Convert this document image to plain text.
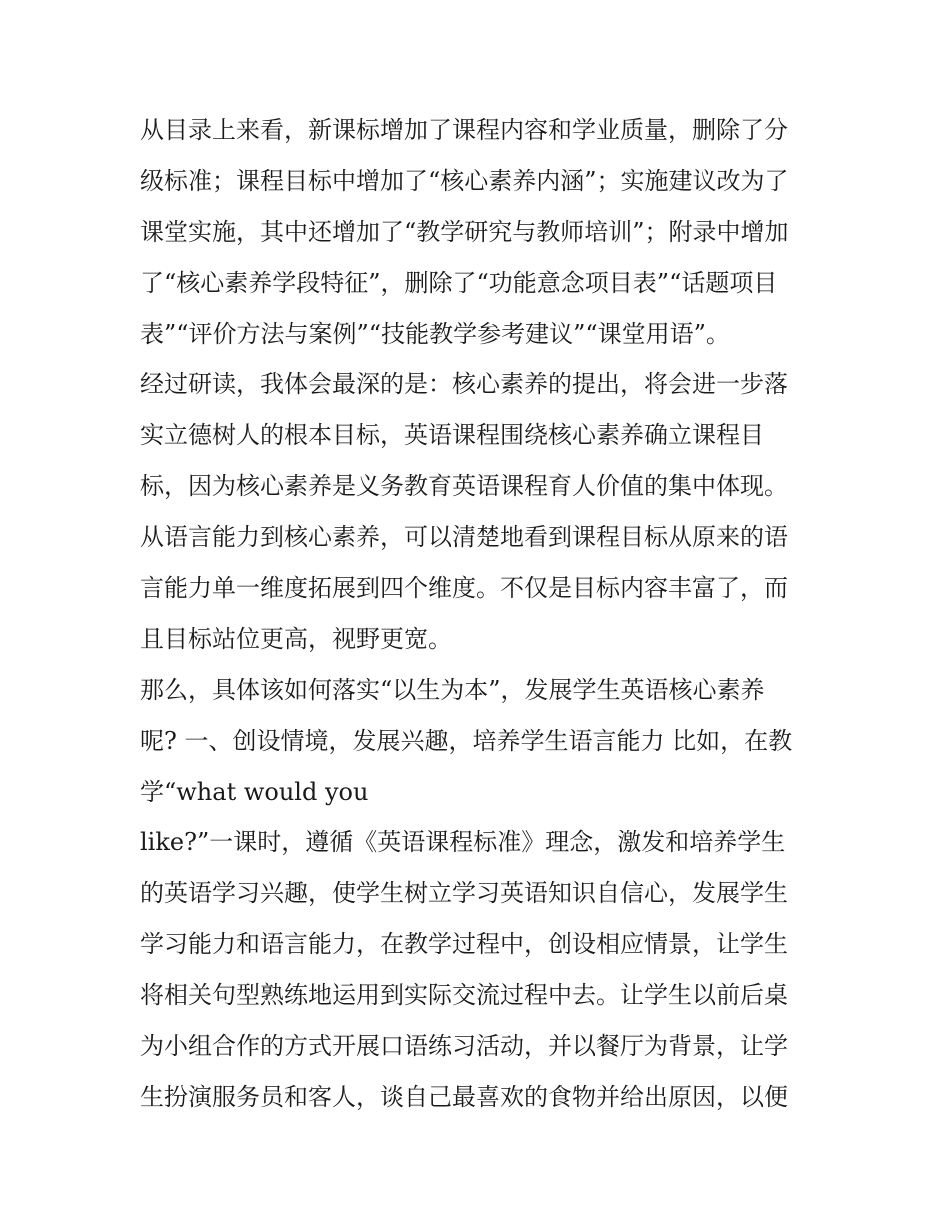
从目录上来看，新课标增加了课程内容和学业质量，删除了分
级标准；课程目标中增加了“核心素养内涵”；实施建议改为了
课堂实施，其中还增加了“教学研究与教师培训”；附录中增加
了“核心素养学段特征”，删除了“功能意念项目表”“话题项目
表”“评价方法与案例”“技能教学参考建议”“课堂用语”。
经过研读，我体会最深的是：核心素养的提出，将会进一步落
实立德树人的根本目标，英语课程围绕核心素养确立课程目
标，因为核心素养是义务教育英语课程育人价值的集中体现。
从语言能力到核心素养，可以清楚地看到课程目标从原来的语
言能力单一维度拓展到四个维度。不仅是目标内容丰富了，而
且目标站位更高，视野更宽。
那么，具体该如何落实“以生为本”，发展学生英语核心素养
呢? 一、创设情境，发展兴趣，培养学生语言能力 比如，在教
学“what would you
like?”一课时，遵循《英语课程标准》理念，激发和培养学生
的英语学习兴趣，使学生树立学习英语知识自信心，发展学生
学习能力和语言能力，在教学过程中，创设相应情景，让学生
将相关句型熟练地运用到实际交流过程中去。让学生以前后桌
为小组合作的方式开展口语练习活动，并以餐厅为背景，让学
生扮演服务员和客人，谈自己最喜欢的食物并给出原因，以便
